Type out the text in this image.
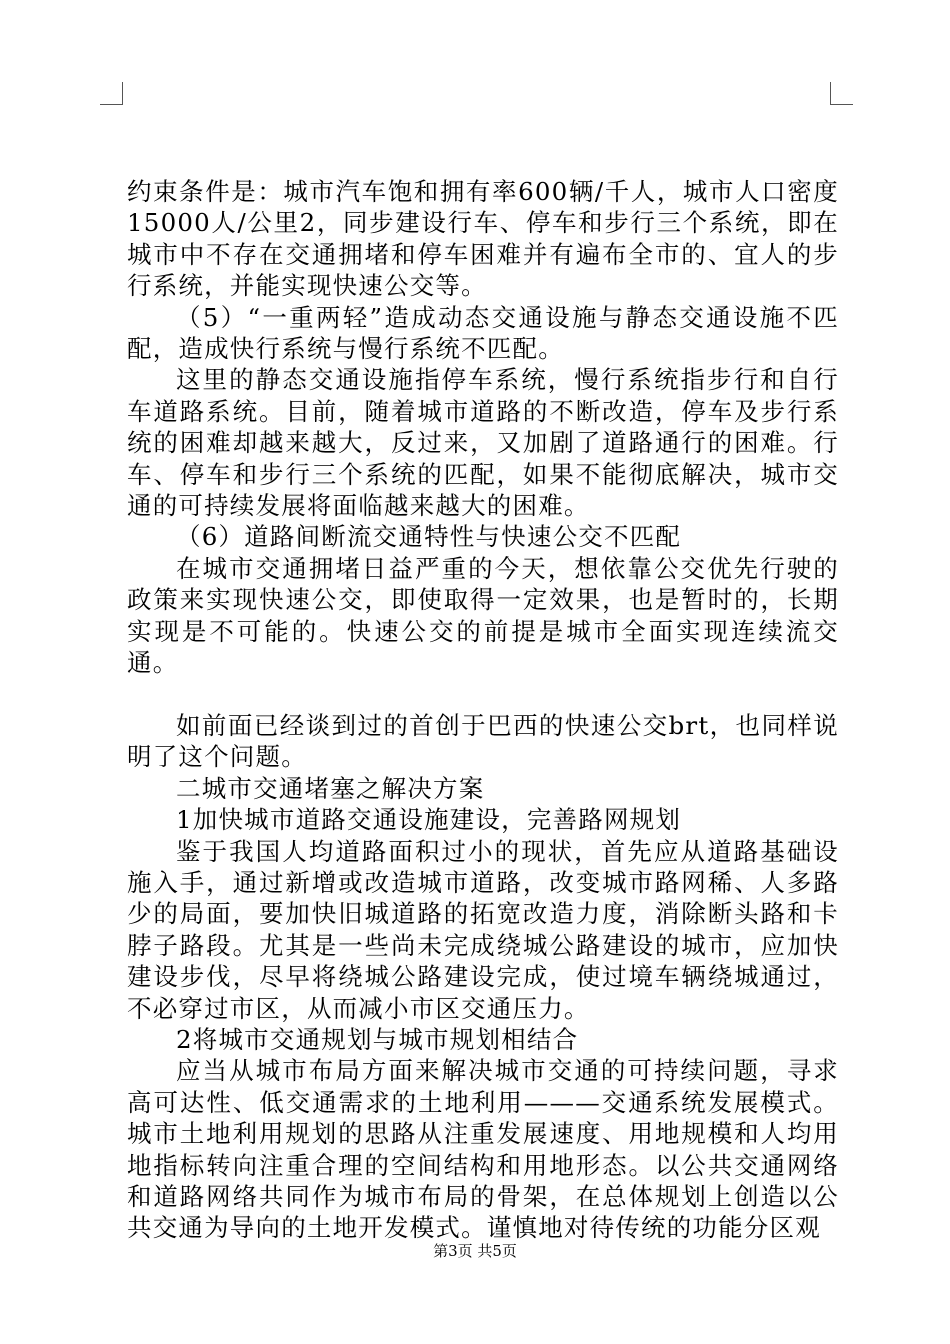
约束条件是：城市汽车饱和拥有率600辆/千人，城市人口密度15000人/公里2，同步建设行车、停车和步行三个系统，即在城市中不存在交通拥堵和停车困难并有遍布全市的、宜人的步行系统，并能实现快速公交等。

（5）“一重两轻”造成动态交通设施与静态交通设施不匹配，造成快行系统与慢行系统不匹配。

这里的静态交通设施指停车系统，慢行系统指步行和自行车道路系统。目前，随着城市道路的不断改造，停车及步行系统的困难却越来越大，反过来，又加剧了道路通行的困难。行车、停车和步行三个系统的匹配，如果不能彻底解决，城市交通的可持续发展将面临越来越大的困难。

（6）道路间断流交通特性与快速公交不匹配

在城市交通拥堵日益严重的今天，想依靠公交优先行驶的政策来实现快速公交，即使取得一定效果，也是暂时的，长期实现是不可能的。快速公交的前提是城市全面实现连续流交通。

如前面已经谈到过的首创于巴西的快速公交brt，也同样说明了这个问题。

二城市交通堵塞之解决方案

1加快城市道路交通设施建设，完善路网规划

鉴于我国人均道路面积过小的现状，首先应从道路基础设施入手，通过新增或改造城市道路，改变城市路网稀、人多路少的局面，要加快旧城道路的拓宽改造力度，消除断头路和卡脖子路段。尤其是一些尚未完成绕城公路建设的城市，应加快建设步伐，尽早将绕城公路建设完成，使过境车辆绕城通过，不必穿过市区，从而减小市区交通压力。

2将城市交通规划与城市规划相结合

应当从城市布局方面来解决城市交通的可持续问题，寻求高可达性、低交通需求的土地利用———交通系统发展模式。城市土地利用规划的思路从注重发展速度、用地规模和人均用地指标转向注重合理的空间结构和用地形态。以公共交通网络和道路网络共同作为城市布局的骨架，在总体规划上创造以公共交通为导向的土地开发模式。谨慎地对待传统的功能分区观

第3页 共5页
